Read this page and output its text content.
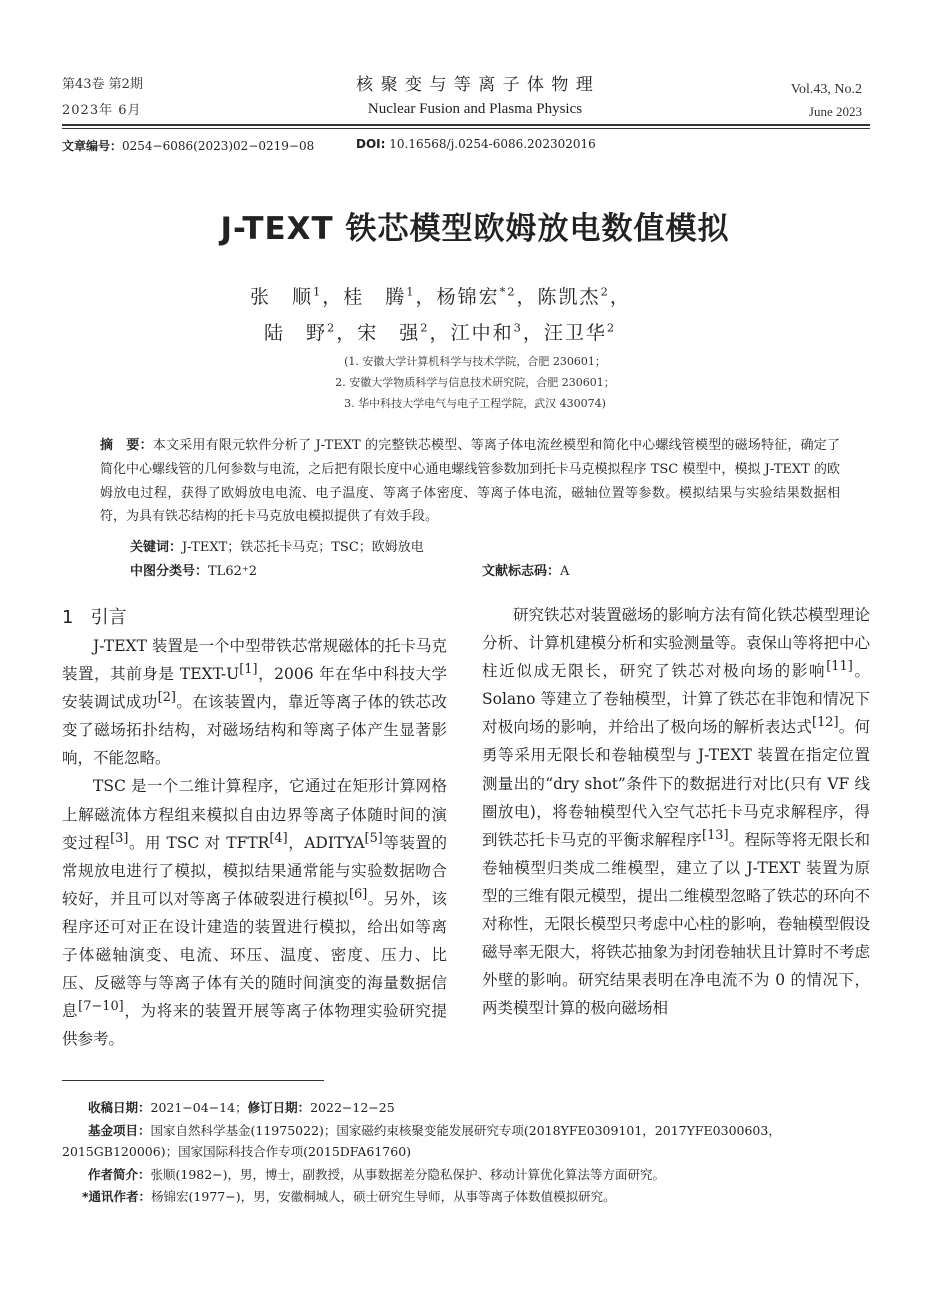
第43卷 第2期
2023年 6月
核 聚 变 与 等 离 子 体 物 理
Nuclear Fusion and Plasma Physics
Vol.43, No.2
June 2023
文章编号：0254−6086(2023)02−0219−08	DOI: 10.16568/j.0254-6086.202302016
J-TEXT 铁芯模型欧姆放电数值模拟
张　顺$^1$，桂　腾$^1$，杨锦宏$^{*2}$，陈凯杰$^2$，
陆　野$^2$，宋　强$^2$，江中和$^3$，汪卫华$^2$
(1. 安徽大学计算机科学与技术学院，合肥 230601；
2. 安徽大学物质科学与信息技术研究院，合肥 230601；
3. 华中科技大学电气与电子工程学院，武汉 430074)
摘　要：本文采用有限元软件分析了 J-TEXT 的完整铁芯模型、等离子体电流丝模型和简化中心螺线管模型的磁场特征，确定了简化中心螺线管的几何参数与电流，之后把有限长度中心通电螺线管参数加到托卡马克模拟程序 TSC 模型中，模拟 J-TEXT 的欧姆放电过程，获得了欧姆放电电流、电子温度、等离子体密度、等离子体电流，磁轴位置等参数。模拟结果与实验结果数据相符，为具有铁芯结构的托卡马克放电模拟提供了有效手段。
关键词：J-TEXT；铁芯托卡马克；TSC；欧姆放电
中图分类号：TL62⁺2	文献标志码：A
1 引言

J-TEXT 装置是一个中型带铁芯常规磁体的托卡马克装置，其前身是 TEXT-U[1]，2006 年在华中科技大学安装调试成功[2]。在该装置内，靠近等离子体的铁芯改变了磁场拓扑结构，对磁场结构和等离子体产生显著影响，不能忽略。

TSC 是一个二维计算程序，它通过在矩形计算网格上解磁流体方程组来模拟自由边界等离子体随时间的演变过程[3]。用 TSC 对 TFTR[4]，ADITYA[5]等装置的常规放电进行了模拟，模拟结果通常能与实验数据吻合较好，并且可以对等离子体破裂进行模拟[6]。另外，该程序还可对正在设计建造的装置进行模拟，给出如等离子体磁轴演变、电流、环压、温度、密度、压力、比压、反磁等与等离子体有关的随时间演变的海量数据信息[7−10]，为将来的装置开展等离子体物理实验研究提供参考。

研究铁芯对装置磁场的影响方法有简化铁芯模型理论分析、计算机建模分析和实验测量等。袁保山等将把中心柱近似成无限长，研究了铁芯对极向场的影响[11]。Solano 等建立了卷轴模型，计算了铁芯在非饱和情况下对极向场的影响，并给出了极向场的解析表达式[12]。何勇等采用无限长和卷轴模型与 J-TEXT 装置在指定位置测量出的“dry shot”条件下的数据进行对比(只有 VF 线圈放电)，将卷轴模型代入空气芯托卡马克求解程序，得到铁芯托卡马克的平衡求解程序[13]。程际等将无限长和卷轴模型归类成二维模型，建立了以 J-TEXT 装置为原型的三维有限元模型，提出二维模型忽略了铁芯的环向不对称性，无限长模型只考虑中心柱的影响，卷轴模型假设磁导率无限大，将铁芯抽象为封闭卷轴状且计算时不考虑外壁的影响。研究结果表明在净电流不为 0 的情况下，两类模型计算的极向磁场相

收稿日期：2021−04−14；修订日期：2022−12−25
基金项目：国家自然科学基金(11975022)；国家磁约束核聚变能发展研究专项(2018YFE0309101，2017YFE0300603，2015GB120006)；国家国际科技合作专项(2015DFA61760)
作者简介：张顺(1982−)，男，博士，副教授，从事数据差分隐私保护、移动计算优化算法等方面研究。
*通讯作者：杨锦宏(1977−)，男，安徽桐城人，硕士研究生导师，从事等离子体数值模拟研究。
